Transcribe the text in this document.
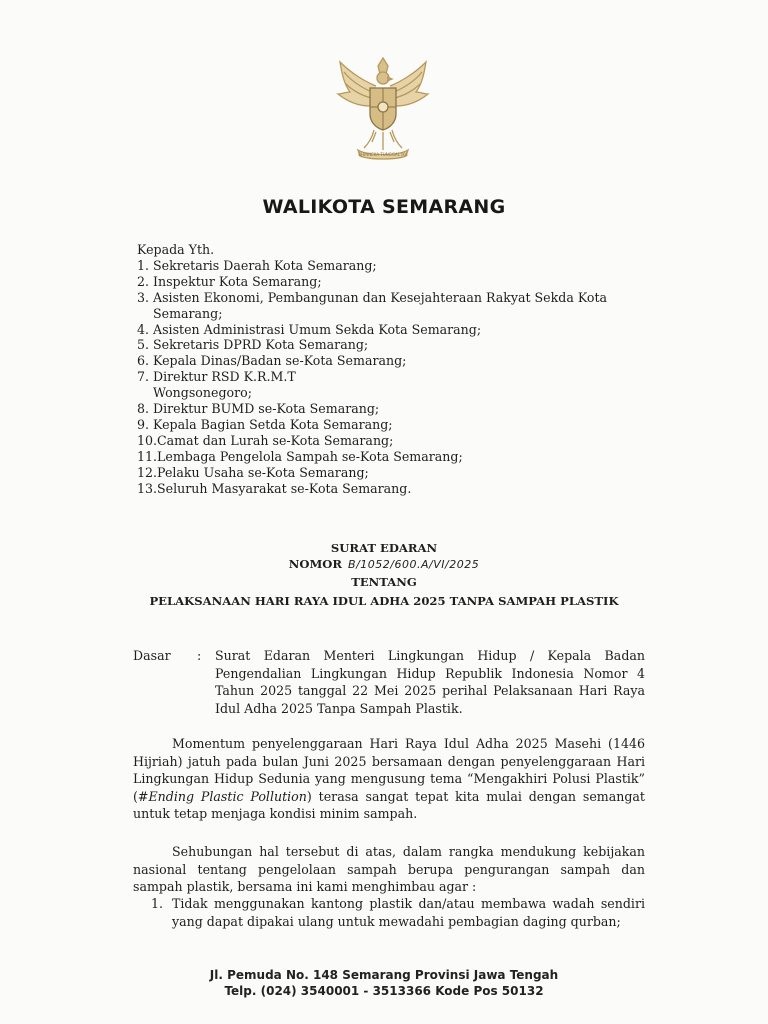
BHINNEKA TUNGGAL IKA
WALIKOTA SEMARANG

Kepada Yth.

1. Sekretaris Daerah Kota Semarang;
2. Inspektur Kota Semarang;
3. Asisten Ekonomi, Pembangunan dan Kesejahteraan Rakyat Sekda Kota Semarang;
4. Asisten Administrasi Umum Sekda Kota Semarang;
5. Sekretaris DPRD Kota Semarang;
6. Kepala Dinas/Badan se-Kota Semarang;
7. Direktur RSD K.R.M.T Wongsonegoro;
8. Direktur BUMD se-Kota Semarang;
9. Kepala Bagian Setda Kota Semarang;
10. Camat dan Lurah se-Kota Semarang;
11. Lembaga Pengelola Sampah se-Kota Semarang;
12. Pelaku Usaha se-Kota Semarang;
13. Seluruh Masyarakat se-Kota Semarang.
SURAT EDARAN
NOMOR B/1052/600.A/VI/2025
TENTANG
PELAKSANAAN HARI RAYA IDUL ADHA 2025 TANPA SAMPAH PLASTIK
Dasar	:	Surat Edaran Menteri Lingkungan Hidup / Kepala Badan Pengendalian Lingkungan Hidup Republik Indonesia Nomor 4 Tahun 2025 tanggal 22 Mei 2025 perihal Pelaksanaan Hari Raya Idul Adha 2025 Tanpa Sampah Plastik.

Momentum penyelenggaraan Hari Raya Idul Adha 2025 Masehi (1446 Hijriah) jatuh pada bulan Juni 2025 bersamaan dengan penyelenggaraan Hari Lingkungan Hidup Sedunia yang mengusung tema “Mengakhiri Polusi Plastik” (#Ending Plastic Pollution) terasa sangat tepat kita mulai dengan semangat untuk tetap menjaga kondisi minim sampah.

Sehubungan hal tersebut di atas, dalam rangka mendukung kebijakan nasional tentang pengelolaan sampah berupa pengurangan sampah dan sampah plastik, bersama ini kami menghimbau agar :

1. Tidak menggunakan kantong plastik dan/atau membawa wadah sendiri yang dapat dipakai ulang untuk mewadahi pembagian daging qurban;
Jl. Pemuda No. 148 Semarang Provinsi Jawa Tengah
Telp. (024) 3540001 - 3513366 Kode Pos 50132
